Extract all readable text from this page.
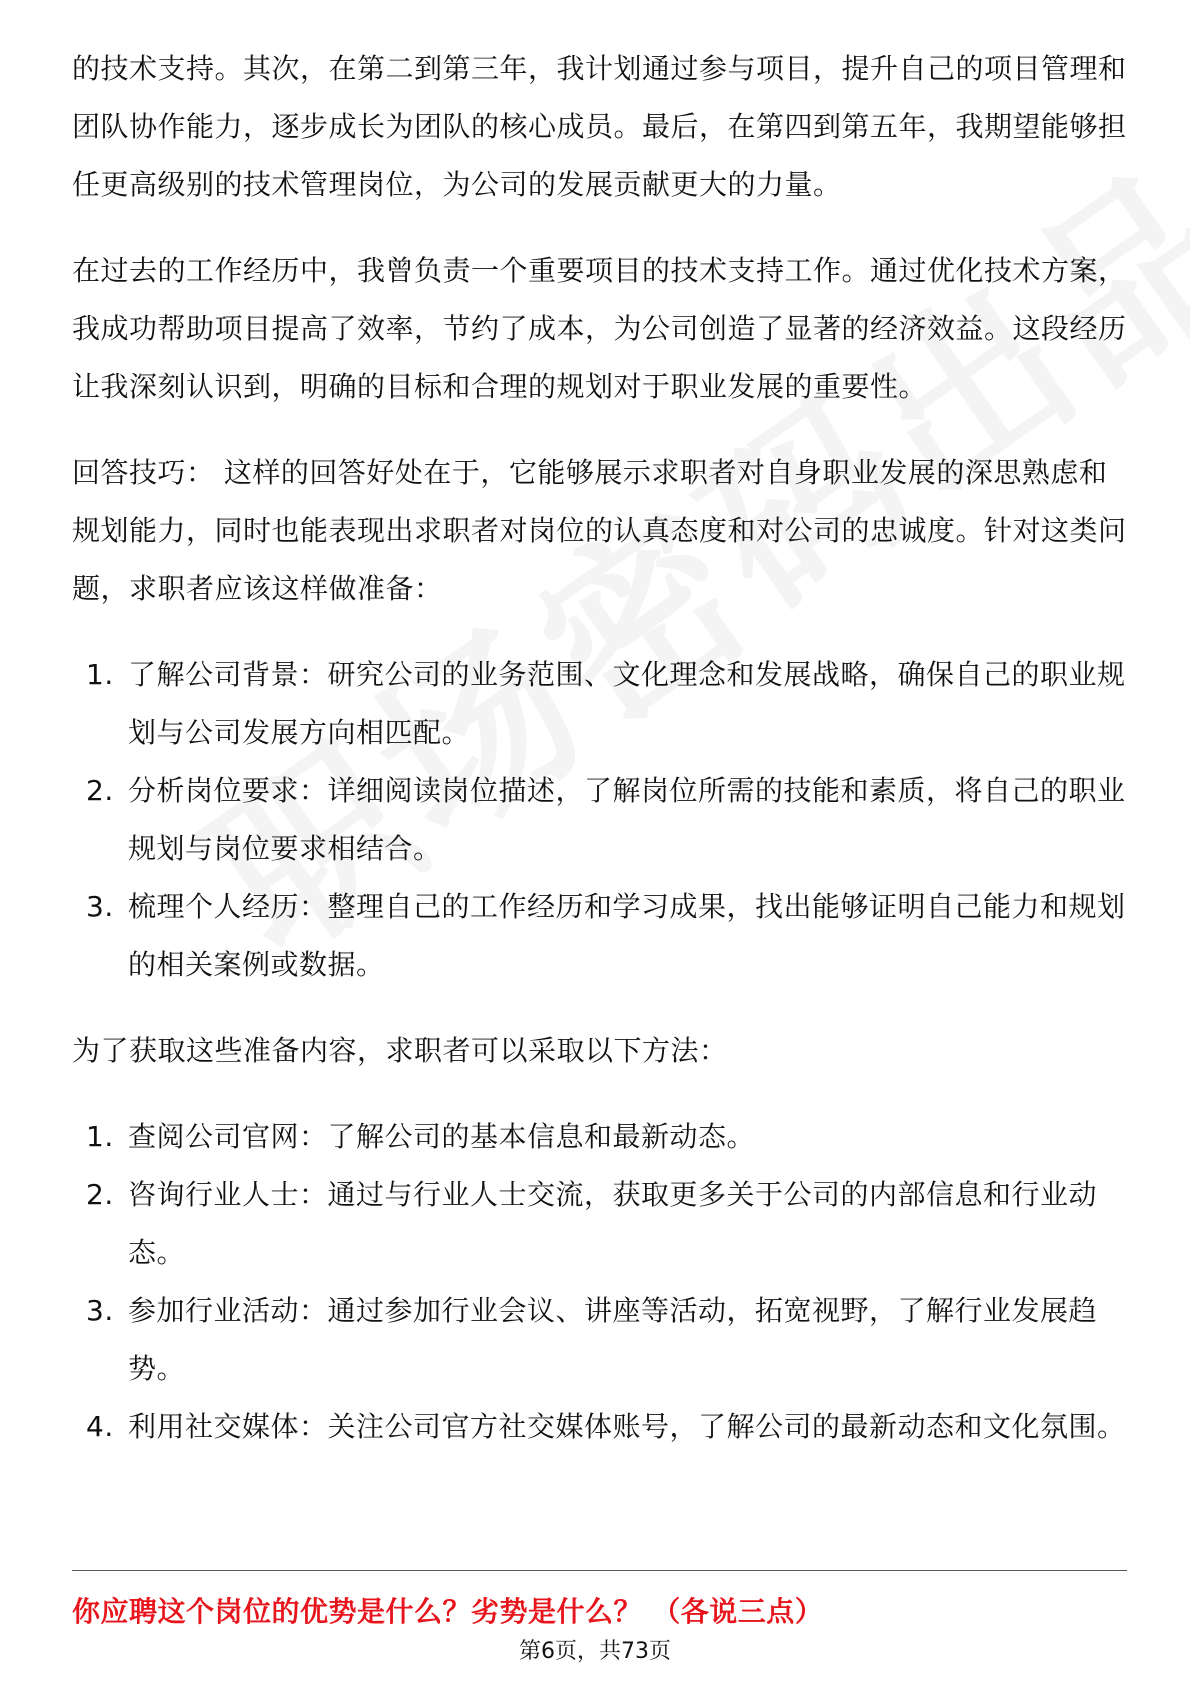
的技术支持。其次，在第二到第三年，我计划通过参与项目，提升自己的项目管理和团队协作能力，逐步成长为团队的核心成员。最后，在第四到第五年，我期望能够担任更高级别的技术管理岗位，为公司的发展贡献更大的力量。

在过去的工作经历中，我曾负责一个重要项目的技术支持工作。通过优化技术方案，我成功帮助项目提高了效率，节约了成本，为公司创造了显著的经济效益。这段经历让我深刻认识到，明确的目标和合理的规划对于职业发展的重要性。

回答技巧： 这样的回答好处在于，它能够展示求职者对自身职业发展的深思熟虑和规划能力，同时也能表现出求职者对岗位的认真态度和对公司的忠诚度。针对这类问题，求职者应该这样做准备：

1. 了解公司背景：研究公司的业务范围、文化理念和发展战略，确保自己的职业规划与公司发展方向相匹配。
2. 分析岗位要求：详细阅读岗位描述，了解岗位所需的技能和素质，将自己的职业规划与岗位要求相结合。
3. 梳理个人经历：整理自己的工作经历和学习成果，找出能够证明自己能力和规划的相关案例或数据。

为了获取这些准备内容，求职者可以采取以下方法：

1. 查阅公司官网：了解公司的基本信息和最新动态。
2. 咨询行业人士：通过与行业人士交流，获取更多关于公司的内部信息和行业动态。
3. 参加行业活动：通过参加行业会议、讲座等活动，拓宽视野，了解行业发展趋势。
4. 利用社交媒体：关注公司官方社交媒体账号，了解公司的最新动态和文化氛围。
你应聘这个岗位的优势是什么？劣势是什么？ （各说三点）
第6页，共73页
